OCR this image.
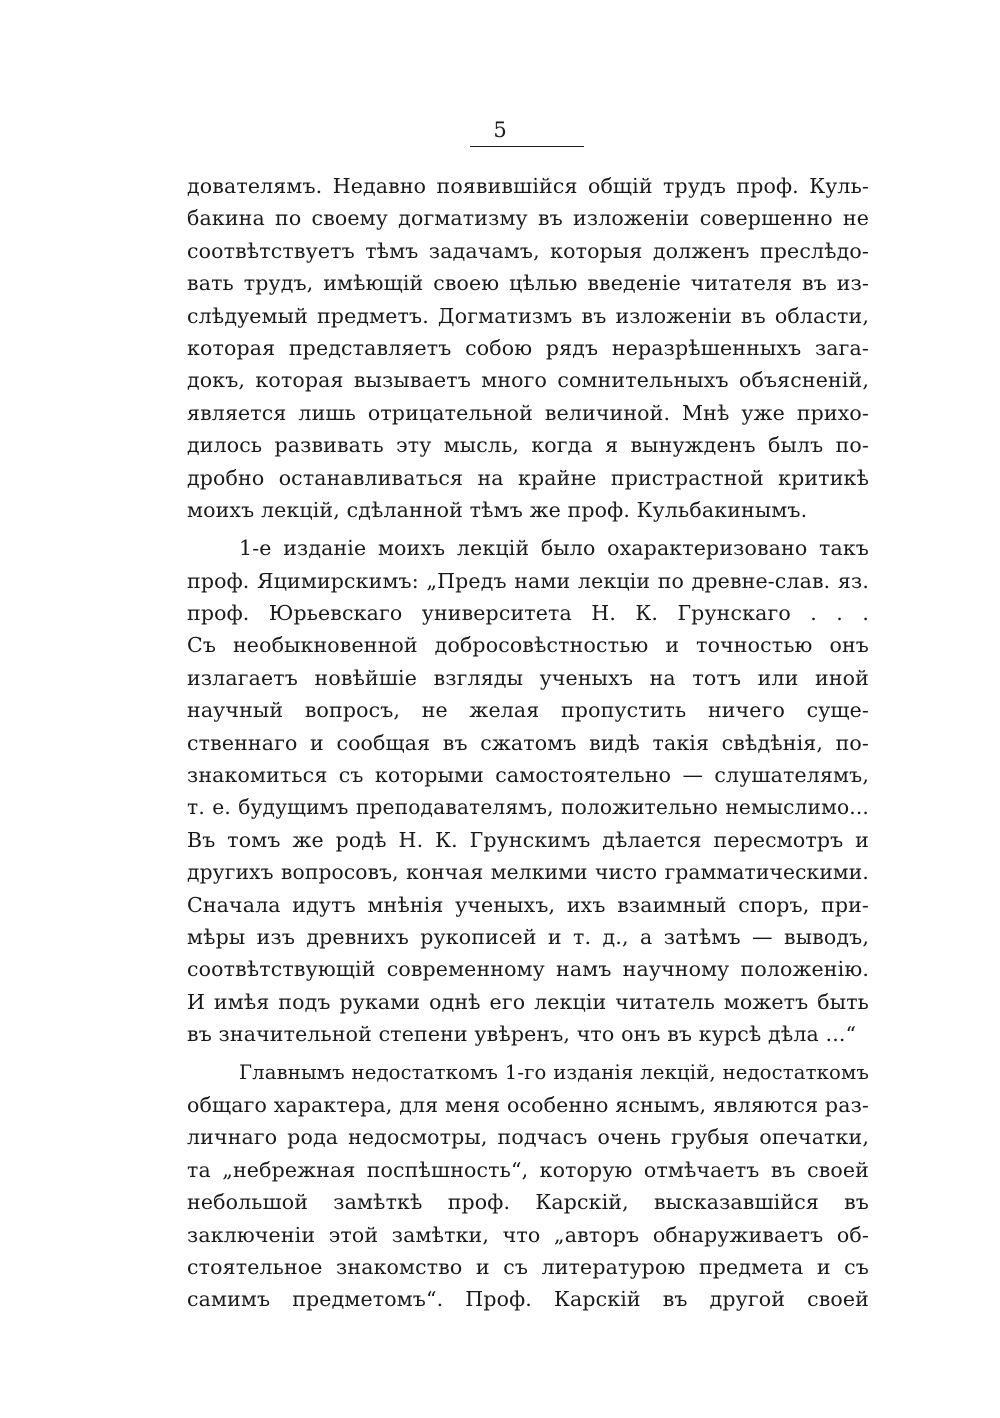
5
дователямъ. Недавно появившійся общій трудъ проф. Куль-
бакина по своему догматизму въ изложеніи совершенно не
соотвѣтствуетъ тѣмъ задачамъ, которыя долженъ преслѣдо-
вать трудъ, имѣющій своею цѣлью введеніе читателя въ из-
слѣдуемый предметъ. Догматизмъ въ изложеніи въ области,
которая представляетъ собою рядъ неразрѣшенныхъ зага-
докъ, которая вызываетъ много сомнительныхъ объясненій,
является лишь отрицательной величиной. Мнѣ уже прихо-
дилось развивать эту мысль, когда я вынужденъ былъ по-
дробно останавливаться на крайне пристрастной критикѣ
моихъ лекцій, сдѣланной тѣмъ же проф. Кульбакинымъ.
1-е изданіе моихъ лекцій было охарактеризовано такъ
проф. Яцимирскимъ: „Предъ нами лекціи по древне-слав. яз.
проф. Юрьевскаго университета Н. К. Грунскаго . . .
Съ необыкновенной добросовѣстностью и точностью онъ
излагаетъ новѣйшіе взгляды ученыхъ на тотъ или иной
научный вопросъ, не желая пропустить ничего суще-
ственнаго и сообщая въ сжатомъ видѣ такія свѣдѣнія, по-
знакомиться съ которыми самостоятельно — слушателямъ,
т. е. будущимъ преподавателямъ, положительно немыслимо...
Въ томъ же родѣ Н. К. Грунскимъ дѣлается пересмотръ и
другихъ вопросовъ, кончая мелкими чисто грамматическими.
Сначала идутъ мнѣнія ученыхъ, ихъ взаимный споръ, при-
мѣры изъ древнихъ рукописей и т. д., а затѣмъ — выводъ,
соотвѣтствующій современному намъ научному положенію.
И имѣя подъ руками однѣ его лекціи читатель можетъ быть
въ значительной степени увѣренъ, что онъ въ курсѣ дѣла ...“
Главнымъ недостаткомъ 1-го изданія лекцій, недостаткомъ
общаго характера, для меня особенно яснымъ, являются раз-
личнаго рода недосмотры, подчасъ очень грубыя опечатки,
та „небрежная поспѣшность“, которую отмѣчаетъ въ своей
небольшой замѣткѣ проф. Карскій, высказавшійся въ
заключеніи этой замѣтки, что „авторъ обнаруживаетъ об-
стоятельное знакомство и съ литературою предмета и съ
самимъ предметомъ“. Проф. Карскій въ другой своей
